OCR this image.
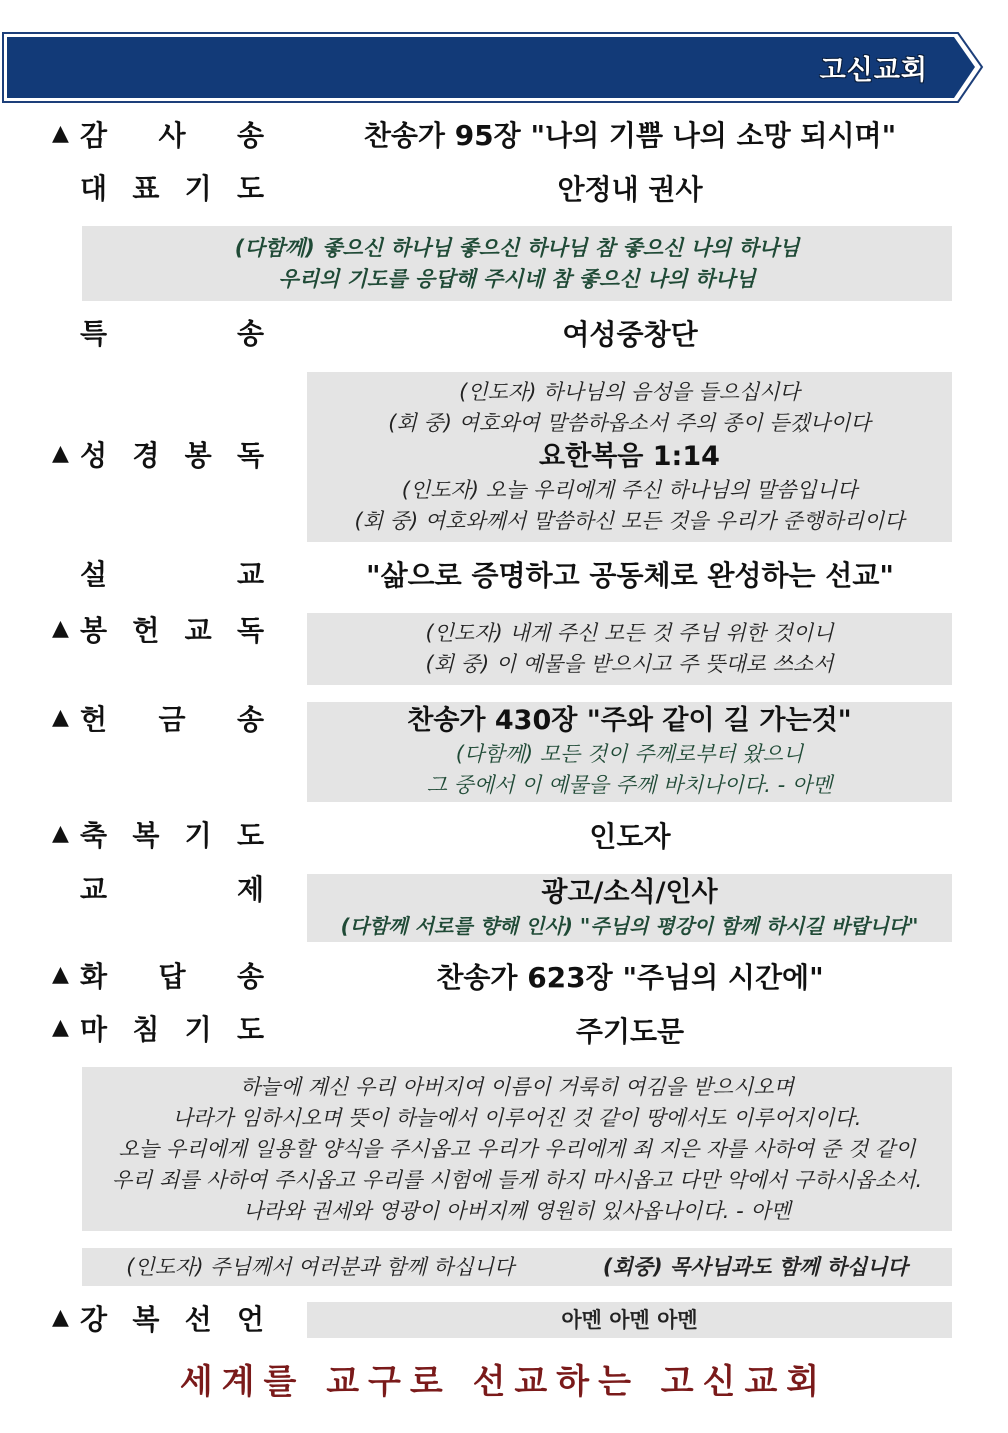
고신교회
▲ 감 사 송	찬송가 95장 "나의 기쁨 나의 소망 되시며"
대 표 기 도	안정내 권사
(다함께) 좋으신 하나님 좋으신 하나님 참 좋으신 나의 하나님
우리의 기도를 응답해 주시네 참 좋으신 나의 하나님
특	송	여성중창단
▲ 성 경 봉 독
(인도자) 하나님의 음성을 들으십시다
(회 중) 여호와여 말씀하옵소서 주의 종이 듣겠나이다
요한복음 1:14
(인도자) 오늘 우리에게 주신 하나님의 말씀입니다
(회 중) 여호와께서 말씀하신 모든 것을 우리가 준행하리이다
설	교	"삶으로 증명하고 공동체로 완성하는 선교"
▲ 봉 헌 교 독	(인도자) 내게 주신 모든 것 주님 위한 것이니
(회 중) 이 예물을 받으시고 주 뜻대로 쓰소서
▲ 헌 금 송	찬송가 430장 "주와 같이 길 가는것"
(다함께) 모든 것이 주께로부터 왔으니
그 중에서 이 예물을 주께 바치나이다. - 아멘
▲ 축 복 기 도	인도자
교	제	광고/소식/인사
(다함께 서로를 향해 인사) "주님의 평강이 함께 하시길 바랍니다"
▲ 화 답 송	찬송가 623장 "주님의 시간에"
▲ 마 침 기 도	주기도문
하늘에 계신 우리 아버지여 이름이 거룩히 여김을 받으시오며
나라가 임하시오며 뜻이 하늘에서 이루어진 것 같이 땅에서도 이루어지이다.
오늘 우리에게 일용할 양식을 주시옵고 우리가 우리에게 죄 지은 자를 사하여 준 것 같이
우리 죄를 사하여 주시옵고 우리를 시험에 들게 하지 마시옵고 다만 악에서 구하시옵소서.
나라와 권세와 영광이 아버지께 영원히 있사옵나이다. - 아멘
(인도자) 주님께서 여러분과 함께 하십니다	(회중) 목사님과도 함께 하십니다
▲ 강 복 선 언	아멘 아멘 아멘
세계를 교구로 선교하는 고신교회
